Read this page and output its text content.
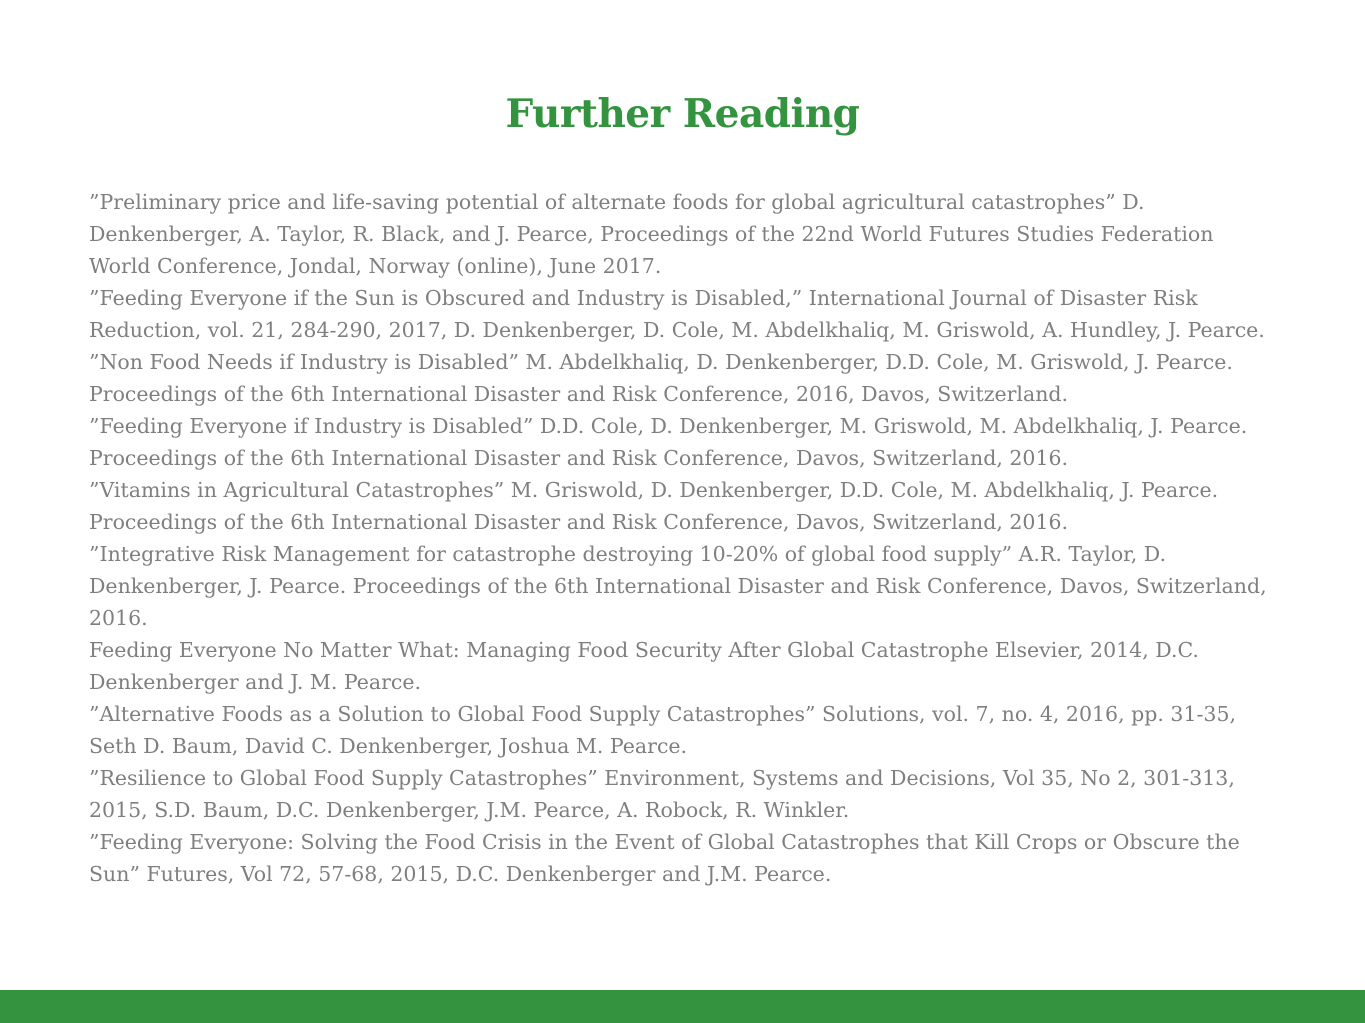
Further Reading
”Preliminary price and life-saving potential of alternate foods for global agricultural catastrophes” D. Denkenberger, A. Taylor, R. Black, and J. Pearce, Proceedings of the 22nd World Futures Studies Federation World Conference, Jondal, Norway (online), June 2017.
”Feeding Everyone if the Sun is Obscured and Industry is Disabled,” International Journal of Disaster Risk Reduction, vol. 21, 284-290, 2017, D. Denkenberger, D. Cole, M. Abdelkhaliq, M. Griswold, A. Hundley, J. Pearce.
”Non Food Needs if Industry is Disabled” M. Abdelkhaliq, D. Denkenberger, D.D. Cole, M. Griswold, J. Pearce. Proceedings of the 6th International Disaster and Risk Conference, 2016, Davos, Switzerland.
”Feeding Everyone if Industry is Disabled” D.D. Cole, D. Denkenberger, M. Griswold, M. Abdelkhaliq, J. Pearce. Proceedings of the 6th International Disaster and Risk Conference, Davos, Switzerland, 2016.
”Vitamins in Agricultural Catastrophes” M. Griswold, D. Denkenberger, D.D. Cole, M. Abdelkhaliq, J. Pearce. Proceedings of the 6th International Disaster and Risk Conference, Davos, Switzerland, 2016.
”Integrative Risk Management for catastrophe destroying 10-20% of global food supply” A.R. Taylor, D. Denkenberger, J. Pearce. Proceedings of the 6th International Disaster and Risk Conference, Davos, Switzerland, 2016.
Feeding Everyone No Matter What: Managing Food Security After Global Catastrophe Elsevier, 2014, D.C. Denkenberger and J. M. Pearce.
”Alternative Foods as a Solution to Global Food Supply Catastrophes” Solutions, vol. 7, no. 4, 2016, pp. 31-35, Seth D. Baum, David C. Denkenberger, Joshua M. Pearce.
”Resilience to Global Food Supply Catastrophes” Environment, Systems and Decisions, Vol 35, No 2, 301-313, 2015, S.D. Baum, D.C. Denkenberger, J.M. Pearce, A. Robock, R. Winkler.
”Feeding Everyone: Solving the Food Crisis in the Event of Global Catastrophes that Kill Crops or Obscure the Sun” Futures, Vol 72, 57-68, 2015, D.C. Denkenberger and J.M. Pearce.
